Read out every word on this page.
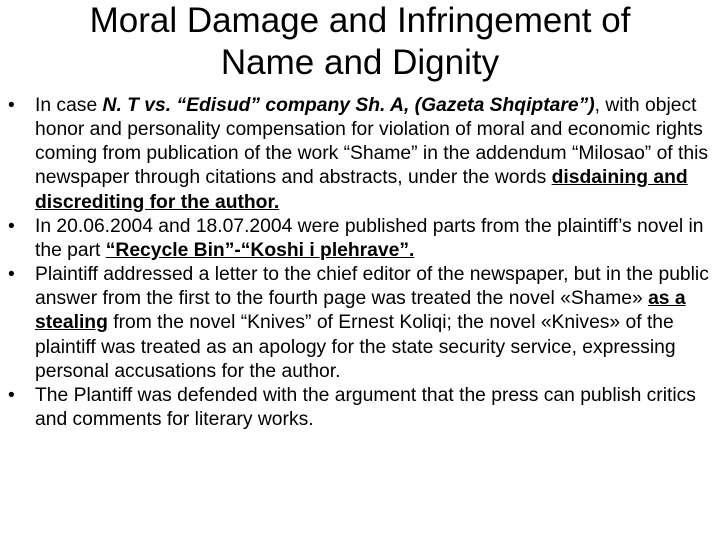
Moral Damage and Infringement of
Name and Dignity
•	In case N. T vs. “Edisud” company Sh. A, (Gazeta Shqiptare”), with object honor and personality compensation for violation of moral and economic rights coming from publication of the work “Shame” in the addendum “Milosao” of this newspaper through citations and abstracts, under the words disdaining and discrediting for the author.
•	In 20.06.2004 and 18.07.2004 were published parts from the plaintiff’s novel in the part “Recycle Bin”-“Koshi i plehrave”.
•	Plaintiff addressed a letter to the chief editor of the newspaper, but in the public answer from the first to the fourth page was treated the novel «Shame» as a stealing from the novel “Knives” of Ernest Koliqi; the novel «Knives» of the plaintiff was treated as an apology for the state security service, expressing personal accusations for the author.
•	The Plantiff was defended with the argument that the press can publish critics and comments for literary works.
